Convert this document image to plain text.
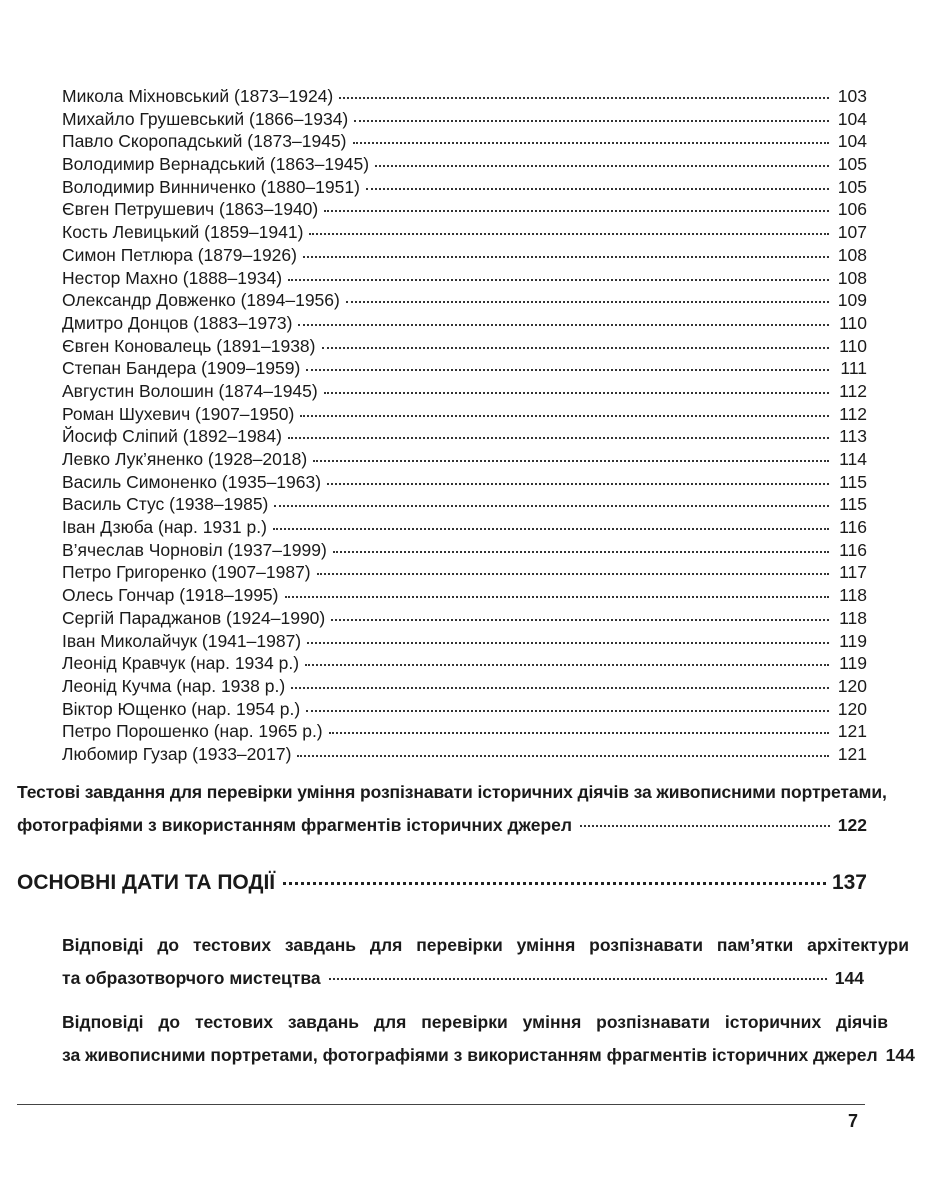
Микола Міхновський (1873–1924)	103
Михайло Грушевський (1866–1934)	104
Павло Скоропадський (1873–1945)	104
Володимир Вернадський (1863–1945)	105
Володимир Винниченко (1880–1951)	105
Євген Петрушевич (1863–1940)	106
Кость Левицький (1859–1941)	107
Симон Петлюра (1879–1926)	108
Нестор Махно (1888–1934)	108
Олександр Довженко (1894–1956)	109
Дмитро Донцов (1883–1973)	110
Євген Коновалець (1891–1938)	110
Степан Бандера (1909–1959)	111
Августин Волошин (1874–1945)	112
Роман Шухевич (1907–1950)	112
Йосиф Сліпий (1892–1984)	113
Левко Лук’яненко (1928–2018)	114
Василь Симоненко (1935–1963)	115
Василь Стус (1938–1985)	115
Іван Дзюба (нар. 1931 р.)	116
В’ячеслав Чорновіл (1937–1999)	116
Петро Григоренко (1907–1987)	117
Олесь Гончар (1918–1995)	118
Сергій Параджанов (1924–1990)	118
Іван Миколайчук (1941–1987)	119
Леонід Кравчук (нар. 1934 р.)	119
Леонід Кучма (нар. 1938 р.)	120
Віктор Ющенко (нар. 1954 р.)	120
Петро Порошенко (нар. 1965 р.)	121
Любомир Гузар (1933–2017)	121
Тестові завдання для перевірки уміння розпізнавати історичних діячів за живописними портретами,
фотографіями з використанням фрагментів історичних джерел	122
ОСНОВНІ ДАТИ ТА ПОДІЇ	137
Відповіді до тестових завдань для перевірки уміння розпізнавати пам’ятки архітектури
та образотворчого мистецтва	144
Відповіді до тестових завдань для перевірки уміння розпізнавати історичних діячів
за живописними портретами, фотографіями з використанням фрагментів історичних джерел 144
7
